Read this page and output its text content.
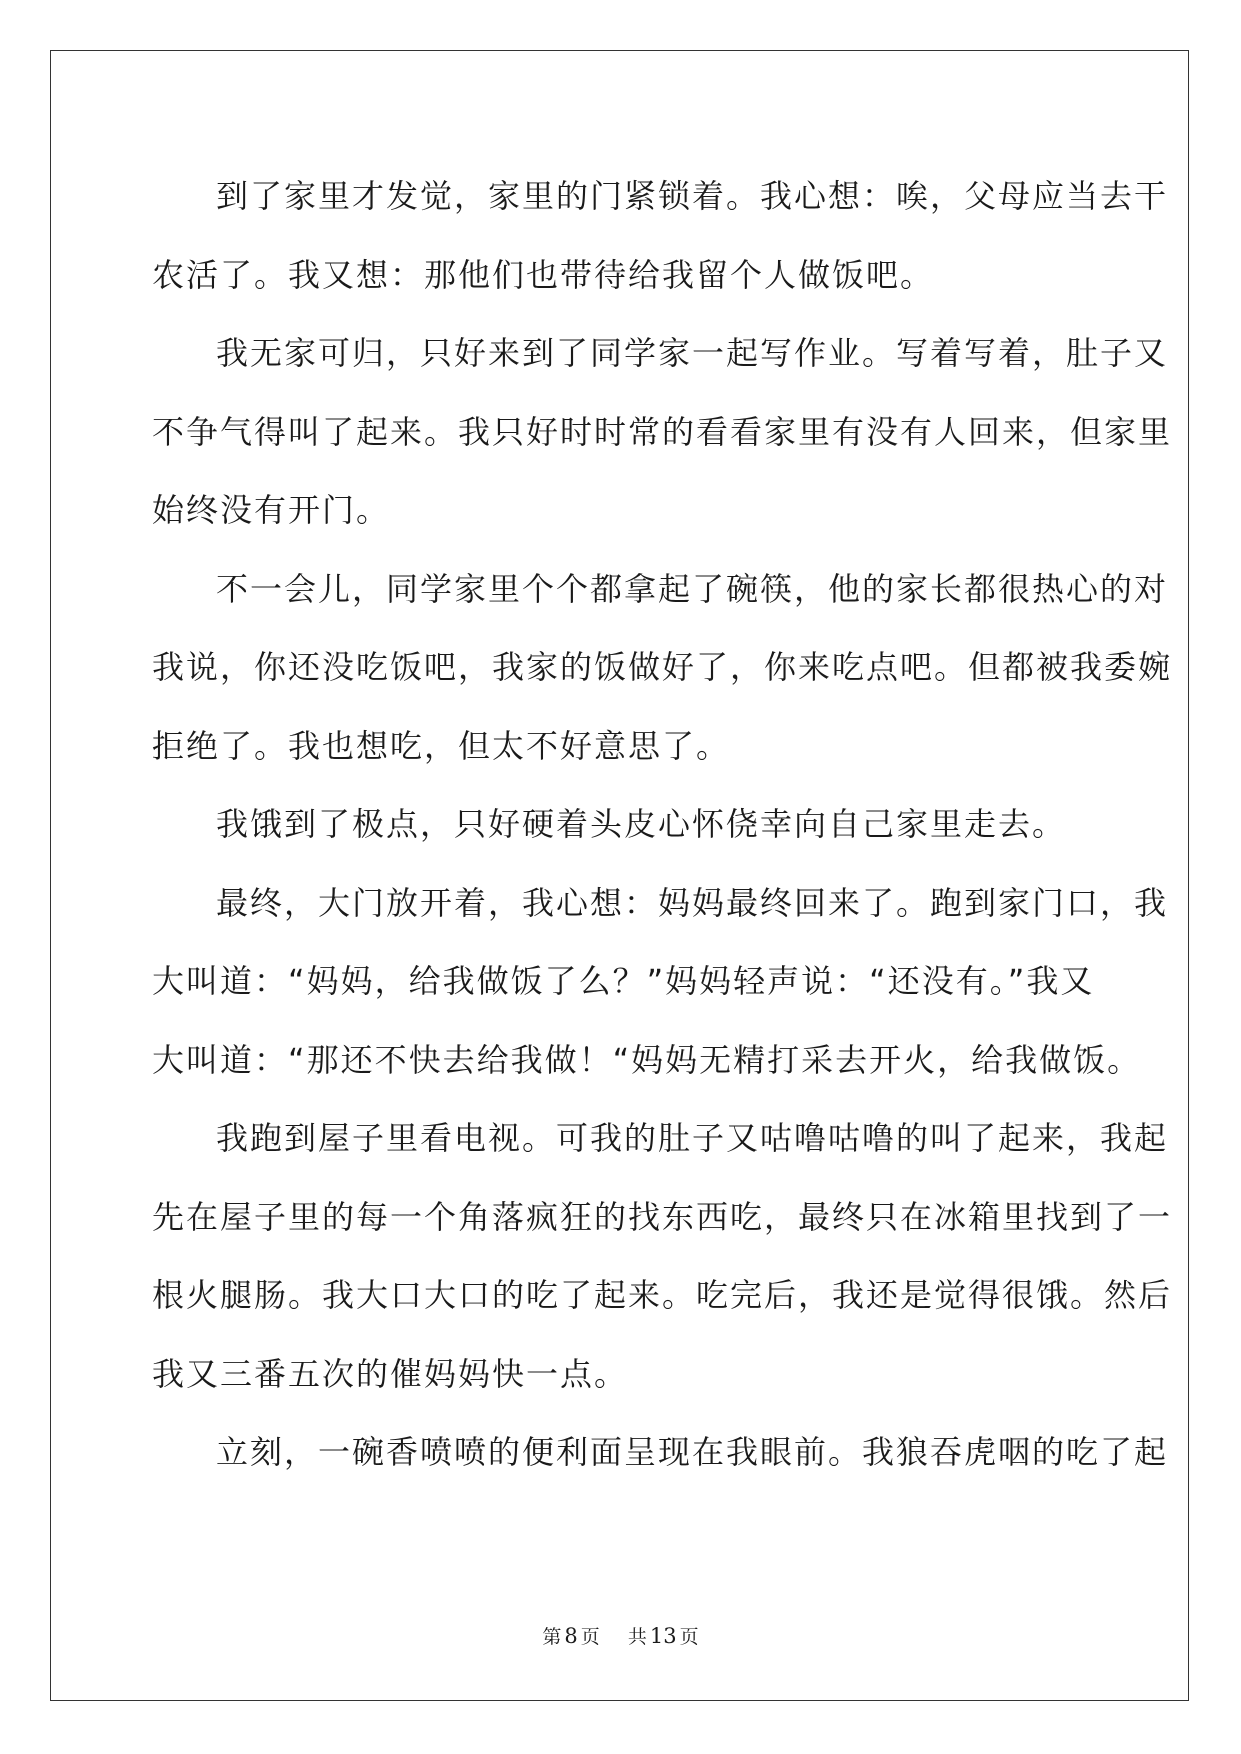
到了家里才发觉，家里的门紧锁着。我心想：唉，父母应当去干
农活了。我又想：那他们也带待给我留个人做饭吧。

我无家可归，只好来到了同学家一起写作业。写着写着，肚子又
不争气得叫了起来。我只好时时常的看看家里有没有人回来，但家里
始终没有开门。

不一会儿，同学家里个个都拿起了碗筷，他的家长都很热心的对
我说，你还没吃饭吧，我家的饭做好了，你来吃点吧。但都被我委婉
拒绝了。我也想吃，但太不好意思了。

我饿到了极点，只好硬着头皮心怀侥幸向自己家里走去。

最终，大门放开着，我心想：妈妈最终回来了。跑到家门口，我
大叫道：“妈妈，给我做饭了么？”妈妈轻声说：“还没有。”我又
大叫道：“那还不快去给我做！“妈妈无精打采去开火，给我做饭。

我跑到屋子里看电视。可我的肚子又咕噜咕噜的叫了起来，我起
先在屋子里的每一个角落疯狂的找东西吃，最终只在冰箱里找到了一
根火腿肠。我大口大口的吃了起来。吃完后，我还是觉得很饿。然后
我又三番五次的催妈妈快一点。

立刻，一碗香喷喷的便利面呈现在我眼前。我狼吞虎咽的吃了起

第 8 页 共 13 页
